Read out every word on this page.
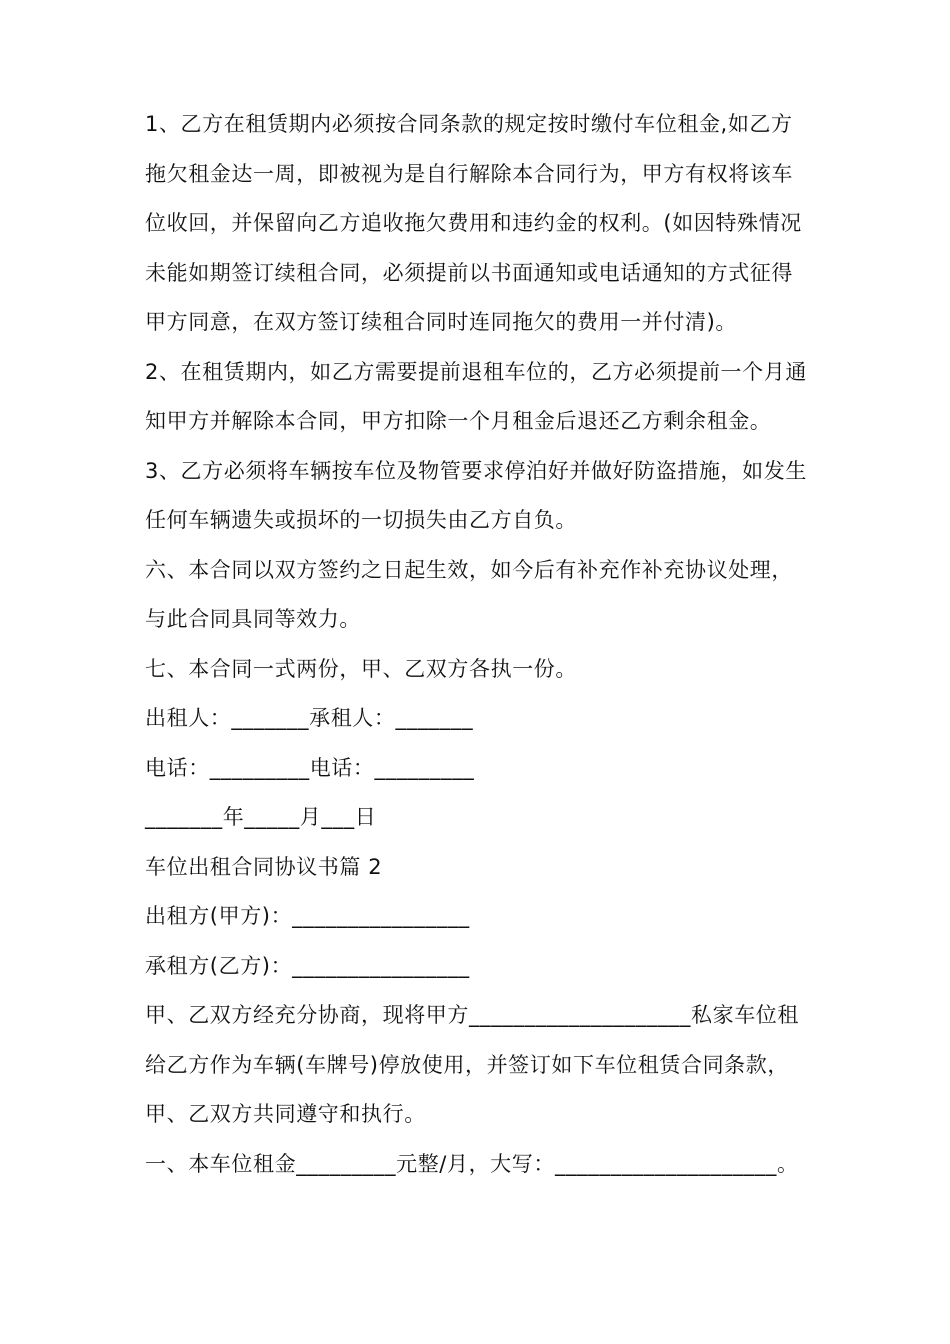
1、乙方在租赁期内必须按合同条款的规定按时缴付车位租金,如乙方拖欠租金达一周，即被视为是自行解除本合同行为，甲方有权将该车位收回，并保留向乙方追收拖欠费用和违约金的权利。(如因特殊情况未能如期签订续租合同，必须提前以书面通知或电话通知的方式征得甲方同意，在双方签订续租合同时连同拖欠的费用一并付清)。

2、在租赁期内，如乙方需要提前退租车位的，乙方必须提前一个月通知甲方并解除本合同，甲方扣除一个月租金后退还乙方剩余租金。

3、乙方必须将车辆按车位及物管要求停泊好并做好防盗措施，如发生任何车辆遗失或损坏的一切损失由乙方自负。

六、本合同以双方签约之日起生效，如今后有补充作补充协议处理，与此合同具同等效力。

七、本合同一式两份，甲、乙双方各执一份。

出租人：_______承租人：_______

电话：_________电话：_________

_______年_____月___日

车位出租合同协议书篇 2

出租方(甲方)：________________

承租方(乙方)：________________

甲、乙双方经充分协商，现将甲方____________________私家车位租给乙方作为车辆(车牌号)停放使用，并签订如下车位租赁合同条款，甲、乙双方共同遵守和执行。

一、本车位租金_________元整/月，大写：____________________。
